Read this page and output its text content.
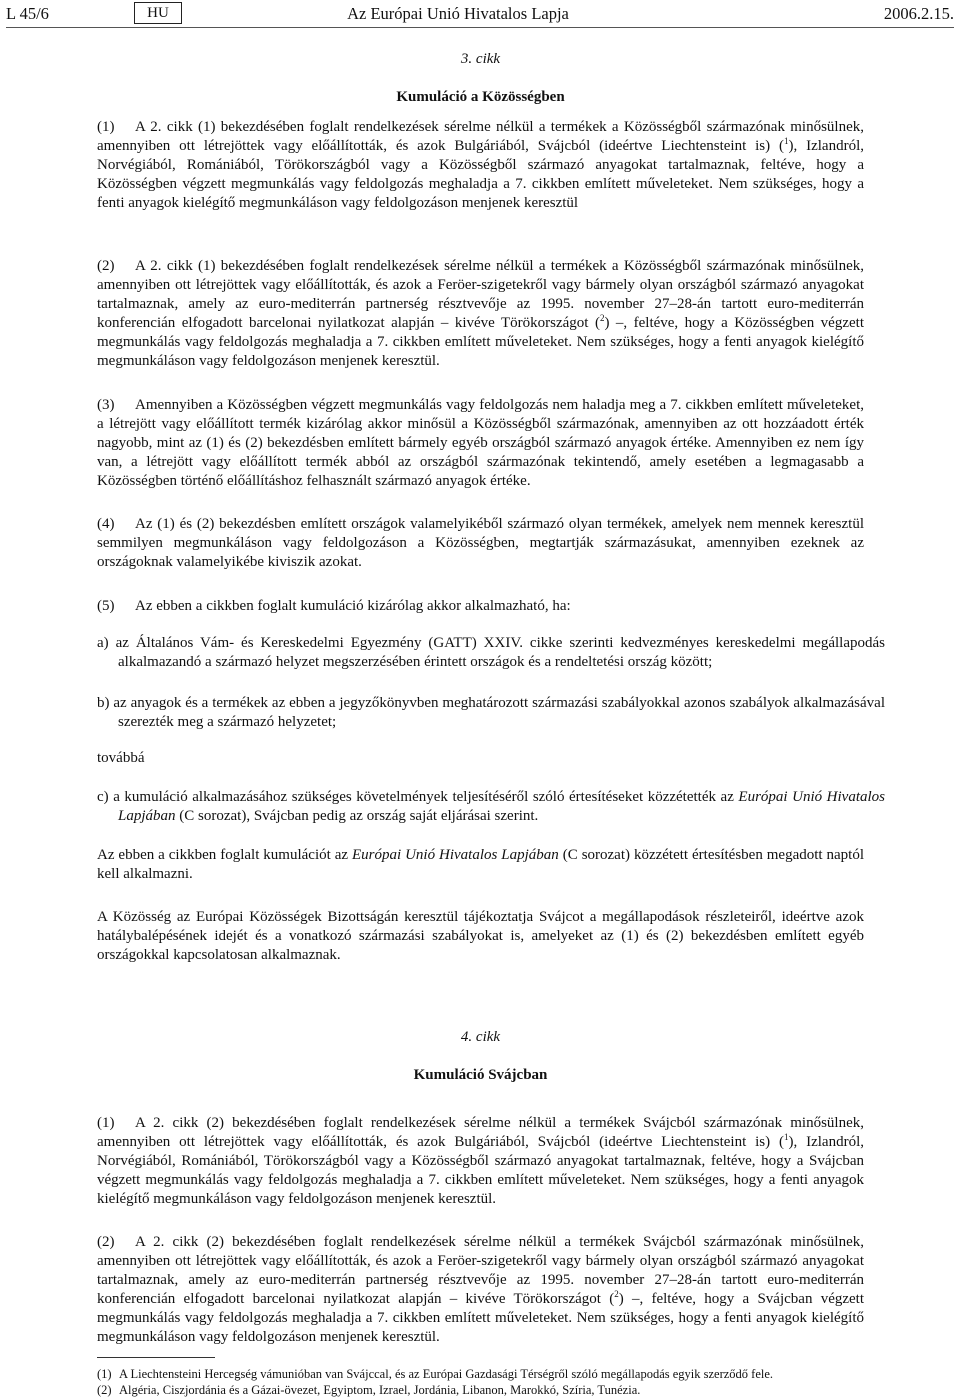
L 45/6	HU	Az Európai Unió Hivatalos Lapja	2006.2.15.
3. cikk
Kumuláció a Közösségben
(1) A 2. cikk (1) bekezdésében foglalt rendelkezések sérelme nélkül a termékek a Közösségből származónak minősülnek, amennyiben ott létrejöttek vagy előállították, és azok Bulgáriából, Svájcból (ideértve Liechtensteint is) ($^1$), Izlandról, Norvégiából, Romániából, Törökországból vagy a Közösségből származó anyagokat tartalmaznak, feltéve, hogy a Közösségben végzett megmunkálás vagy feldolgozás meghaladja a 7. cikkben említett műveleteket. Nem szükséges, hogy a fenti anyagok kielégítő megmunkáláson vagy feldolgozáson menjenek keresztül
(2) A 2. cikk (1) bekezdésében foglalt rendelkezések sérelme nélkül a termékek a Közösségből származónak minősülnek, amennyiben ott létrejöttek vagy előállították, és azok a Feröer-szigetekről vagy bármely olyan országból származó anyagokat tartalmaznak, amely az euro-mediterrán partnerség résztvevője az 1995. november 27–28-án tartott euro-mediterrán konferencián elfogadott barcelonai nyilatkozat alapján – kivéve Törökországot ($^2$) –, feltéve, hogy a Közösségben végzett megmunkálás vagy feldolgozás meghaladja a 7. cikkben említett műveleteket. Nem szükséges, hogy a fenti anyagok kielégítő megmunkáláson vagy feldolgozáson menjenek keresztül.
(3) Amennyiben a Közösségben végzett megmunkálás vagy feldolgozás nem haladja meg a 7. cikkben említett műveleteket, a létrejött vagy előállított termék kizárólag akkor minősül a Közösségből származónak, amennyiben az ott hozzáadott érték nagyobb, mint az (1) és (2) bekezdésben említett bármely egyéb országból származó anyagok értéke. Amennyiben ez nem így van, a létrejött vagy előállított termék abból az országból származónak tekintendő, amely esetében a legmagasabb a Közösségben történő előállításhoz felhasznált származó anyagok értéke.
(4) Az (1) és (2) bekezdésben említett országok valamelyikéből származó olyan termékek, amelyek nem mennek keresztül semmilyen megmunkáláson vagy feldolgozáson a Közösségben, megtartják származásukat, amennyiben ezeknek az országoknak valamelyikébe kiviszik azokat.
(5) Az ebben a cikkben foglalt kumuláció kizárólag akkor alkalmazható, ha:
a) az Általános Vám- és Kereskedelmi Egyezmény (GATT) XXIV. cikke szerinti kedvezményes kereskedelmi megállapodás alkalmazandó a származó helyzet megszerzésében érintett országok és a rendeltetési ország között;
b) az anyagok és a termékek az ebben a jegyzőkönyvben meghatározott származási szabályokkal azonos szabályok alkalmazásával szerezték meg a származó helyzetet;
továbbá
c) a kumuláció alkalmazásához szükséges követelmények teljesítéséről szóló értesítéseket közzétették az Európai Unió Hivatalos Lapjában (C sorozat), Svájcban pedig az ország saját eljárásai szerint.
Az ebben a cikkben foglalt kumulációt az Európai Unió Hivatalos Lapjában (C sorozat) közzétett értesítésben megadott naptól kell alkalmazni.
A Közösség az Európai Közösségek Bizottságán keresztül tájékoztatja Svájcot a megállapodások részleteiről, ideértve azok hatálybalépésének idejét és a vonatkozó származási szabályokat is, amelyeket az (1) és (2) bekezdésben említett egyéb országokkal kapcsolatosan alkalmaznak.
4. cikk
Kumuláció Svájcban
(1) A 2. cikk (2) bekezdésében foglalt rendelkezések sérelme nélkül a termékek Svájcból származónak minősülnek, amennyiben ott létrejöttek vagy előállították, és azok Bulgáriából, Svájcból (ideértve Liechtensteint is) ($^1$), Izlandról, Norvégiából, Romániából, Törökországból vagy a Közösségből származó anyagokat tartalmaznak, feltéve, hogy a Svájcban végzett megmunkálás vagy feldolgozás meghaladja a 7. cikkben említett műveleteket. Nem szükséges, hogy a fenti anyagok kielégítő megmunkáláson vagy feldolgozáson menjenek keresztül.
(2) A 2. cikk (2) bekezdésében foglalt rendelkezések sérelme nélkül a termékek Svájcból származónak minősülnek, amennyiben ott létrejöttek vagy előállították, és azok a Feröer-szigetekről vagy bármely olyan országból származó anyagokat tartalmaznak, amely az euro-mediterrán partnerség résztvevője az 1995. november 27–28-án tartott euro-mediterrán konferencián elfogadott barcelonai nyilatkozat alapján – kivéve Törökországot ($^2$) –, feltéve, hogy a Svájcban végzett megmunkálás vagy feldolgozás meghaladja a 7. cikkben említett műveleteket. Nem szükséges, hogy a fenti anyagok kielégítő megmunkáláson vagy feldolgozáson menjenek keresztül.
(1) A Liechtensteini Hercegség vámunióban van Svájccal, és az Európai Gazdasági Térségről szóló megállapodás egyik szerződő fele.
(2) Algéria, Ciszjordánia és a Gázai-övezet, Egyiptom, Izrael, Jordánia, Libanon, Marokkó, Szíria, Tunézia.
